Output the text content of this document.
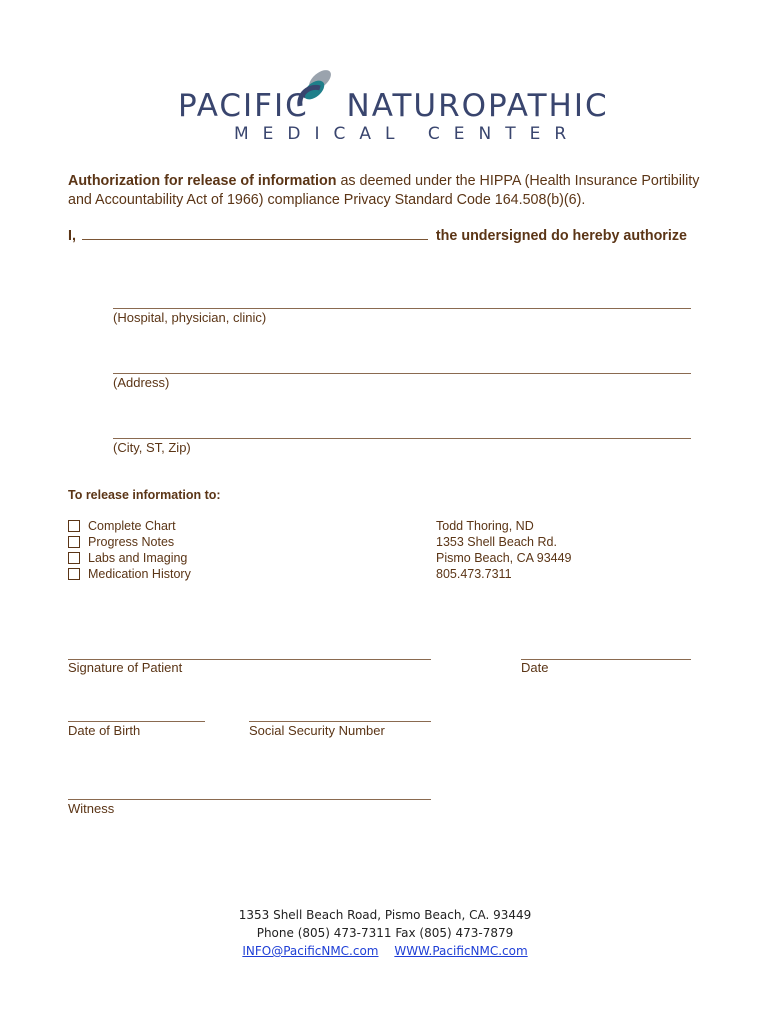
PACIFIC NATUROPATHIC
MEDICAL CENTER
Authorization for release of information as deemed under the HIPPA (Health Insurance Portibility and Accountability Act of 1966) compliance Privacy Standard Code 164.508(b)(6).
I,	the undersigned do hereby authorize
(Hospital, physician, clinic)
(Address)
(City, ST, Zip)
To release information to:
Complete Chart
Progress Notes
Labs and Imaging
Medication History
Todd Thoring, ND
1353 Shell Beach Rd.
Pismo Beach, CA 93449
805.473.7311
Signature of Patient	Date
Date of Birth	Social Security Number
Witness
1353 Shell Beach Road, Pismo Beach, CA. 93449
Phone (805) 473-7311 Fax (805) 473-7879
INFO@PacificNMC.com WWW.PacificNMC.com
